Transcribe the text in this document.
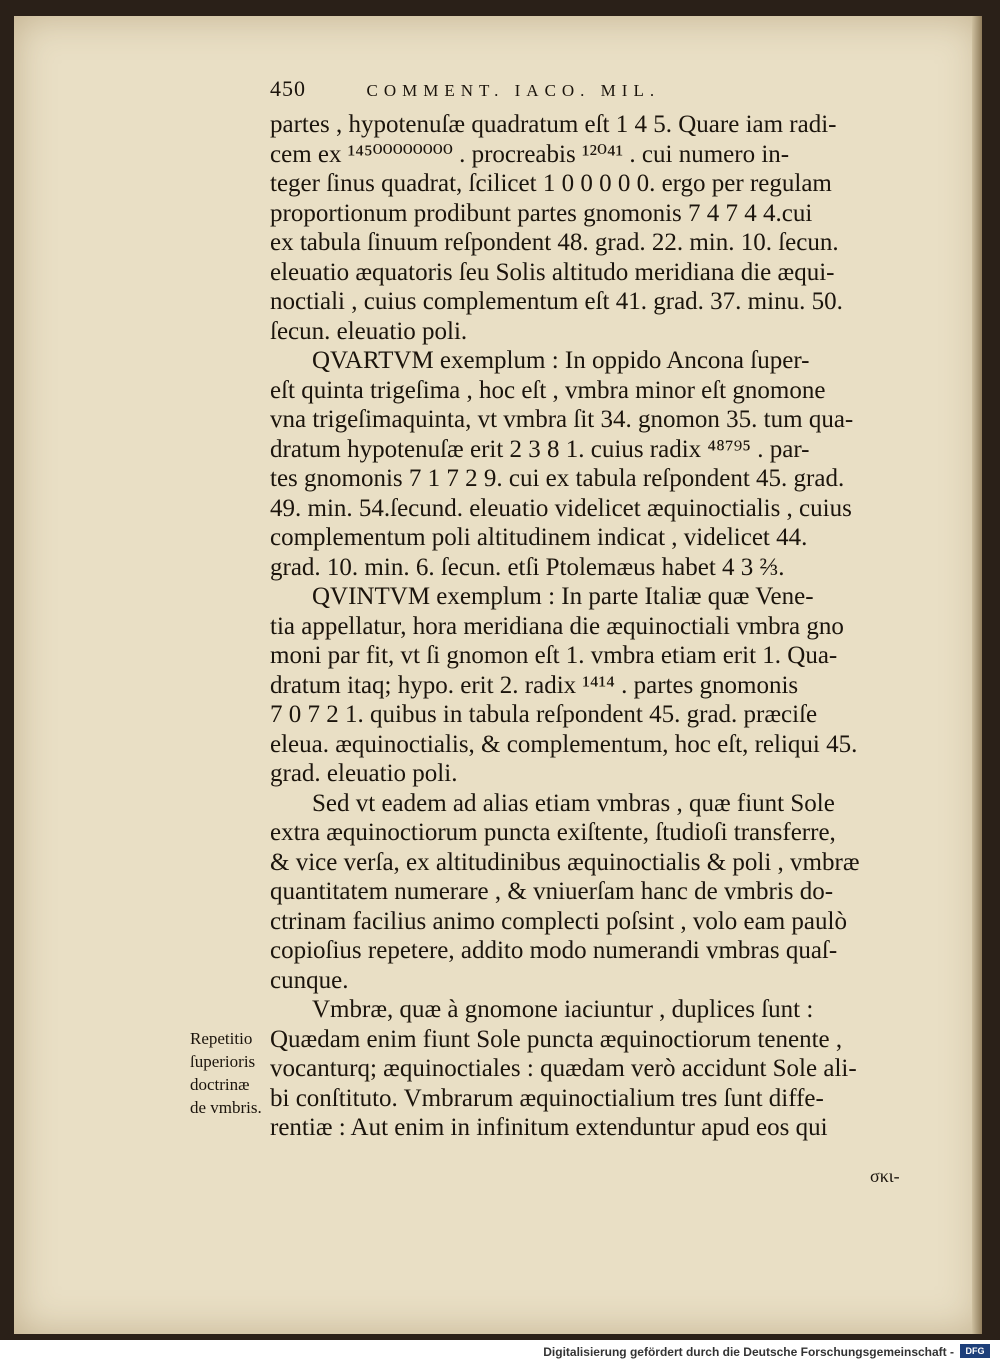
450	COMMENT. IACO. MIL.
partes , hypotenuſæ quadratum eſt 1 4 5. Quare iam radi-
cem ex ¹⁴⁵⁰⁰⁰⁰⁰⁰⁰⁰ . procreabis ¹²⁰⁴¹ . cui numero in-
teger ſinus quadrat, ſcilicet 1 0 0 0 0 0. ergo per regulam
proportionum prodibunt partes gnomonis 7 4 7 4 4.cui
ex tabula ſinuum reſpondent 48. grad. 22. min. 10. ſecun.
eleuatio æquatoris ſeu Solis altitudo meridiana die æqui-
noctiali , cuius complementum eſt 41. grad. 37. minu. 50.
ſecun. eleuatio poli.
QVARTVM exemplum : In oppido Ancona ſuper-
eſt quinta trigeſima , hoc eſt , vmbra minor eſt gnomone
vna trigeſimaquinta, vt vmbra ſit 34. gnomon 35. tum qua-
dratum hypotenuſæ erit 2 3 8 1. cuius radix ⁴⁸⁷⁹⁵ . par-
tes gnomonis 7 1 7 2 9. cui ex tabula reſpondent 45. grad.
49. min. 54.ſecund. eleuatio videlicet æquinoctialis , cuius
complementum poli altitudinem indicat , videlicet 44.
grad. 10. min. 6. ſecun. etſi Ptolemæus habet 4 3 ⅔.
QVINTVM exemplum : In parte Italiæ quæ Vene-
tia appellatur, hora meridiana die æquinoctiali vmbra gno
moni par fit, vt ſi gnomon eſt 1. vmbra etiam erit 1. Qua-
dratum itaq; hypo. erit 2. radix ¹⁴¹⁴ . partes gnomonis
7 0 7 2 1. quibus in tabula reſpondent 45. grad. præciſe
eleua. æquinoctialis, & complementum, hoc eſt, reliqui 45.
grad. eleuatio poli.
Sed vt eadem ad alias etiam vmbras , quæ fiunt Sole
extra æquinoctiorum puncta exiſtente, ſtudioſi transferre,
& vice verſa, ex altitudinibus æquinoctialis & poli , vmbræ
quantitatem numerare , & vniuerſam hanc de vmbris do-
ctrinam facilius animo complecti poſsint , volo eam paulò
copioſius repetere, addito modo numerandi vmbras quaſ-
cunque.
Vmbræ, quæ à gnomone iaciuntur , duplices ſunt :
Quædam enim fiunt Sole puncta æquinoctiorum tenente ,
vocanturq; æquinoctiales : quædam verò accidunt Sole ali-
bi conſtituto. Vmbrarum æquinoctialium tres ſunt diffe-
rentiæ : Aut enim in infinitum extenduntur apud eos qui
Repetitio
ſuperioris
doctrinæ
de vmbris.
σκι-
Digitalisierung gefördert durch die Deutsche Forschungsgemeinschaft -	DFG
